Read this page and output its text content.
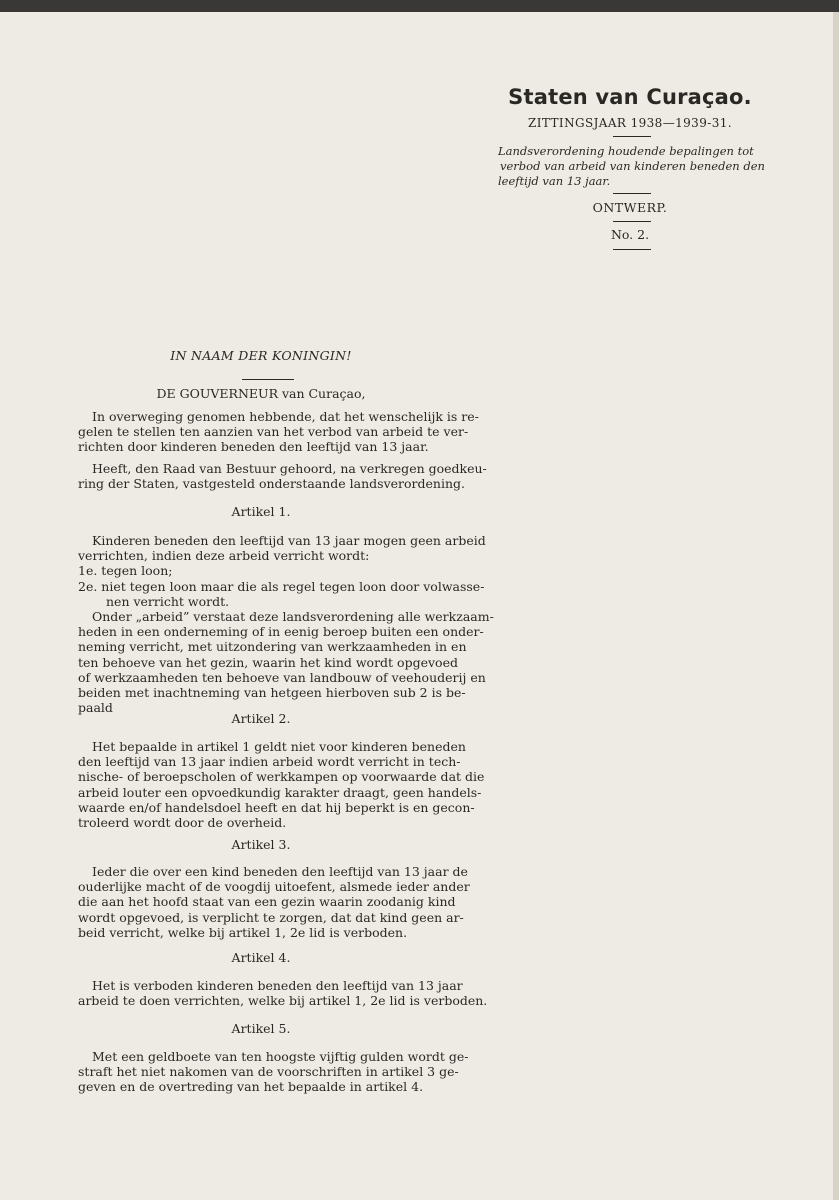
Staten van Curaçao.
ZITTINGSJAAR 1938—1939-31.
Landsverordening houdende bepalingen tot
verbod van arbeid van kinderen beneden den
leeftijd van 13 jaar.
ONTWERP.
No. 2.
IN NAAM DER KONINGIN!
DE GOUVERNEUR van Curaçao,
In overweging genomen hebbende, dat het wenschelijk is re-
gelen te stellen ten aanzien van het verbod van arbeid te ver-
richten door kinderen beneden den leeftijd van 13 jaar.
Heeft, den Raad van Bestuur gehoord, na verkregen goedkeu-
ring der Staten, vastgesteld onderstaande landsverordening.
Artikel 1.
Kinderen beneden den leeftijd van 13 jaar mogen geen arbeid
verrichten, indien deze arbeid verricht wordt:
1e. tegen loon;
2e. niet tegen loon maar die als regel tegen loon door volwasse-
nen verricht wordt.
Onder „arbeid” verstaat deze landsverordening alle werkzaam-
heden in een onderneming of in eenig beroep buiten een onder-
neming verricht, met uitzondering van werkzaamheden in en
ten behoeve van het gezin, waarin het kind wordt opgevoed
of werkzaamheden ten behoeve van landbouw of veehouderij en
beiden met inachtneming van hetgeen hierboven sub 2 is be-
paald
Artikel 2.
Het bepaalde in artikel 1 geldt niet voor kinderen beneden
den leeftijd van 13 jaar indien arbeid wordt verricht in tech-
nische- of beroepscholen of werkkampen op voorwaarde dat die
arbeid louter een opvoedkundig karakter draagt, geen handels-
waarde en/of handelsdoel heeft en dat hij beperkt is en gecon-
troleerd wordt door de overheid.
Artikel 3.
Ieder die over een kind beneden den leeftijd van 13 jaar de
ouderlijke macht of de voogdij uitoefent, alsmede ieder ander
die aan het hoofd staat van een gezin waarin zoodanig kind
wordt opgevoed, is verplicht te zorgen, dat dat kind geen ar-
beid verricht, welke bij artikel 1, 2e lid is verboden.
Artikel 4.
Het is verboden kinderen beneden den leeftijd van 13 jaar
arbeid te doen verrichten, welke bij artikel 1, 2e lid is verboden.
Artikel 5.
Met een geldboete van ten hoogste vijftig gulden wordt ge-
straft het niet nakomen van de voorschriften in artikel 3 ge-
geven en de overtreding van het bepaalde in artikel 4.
